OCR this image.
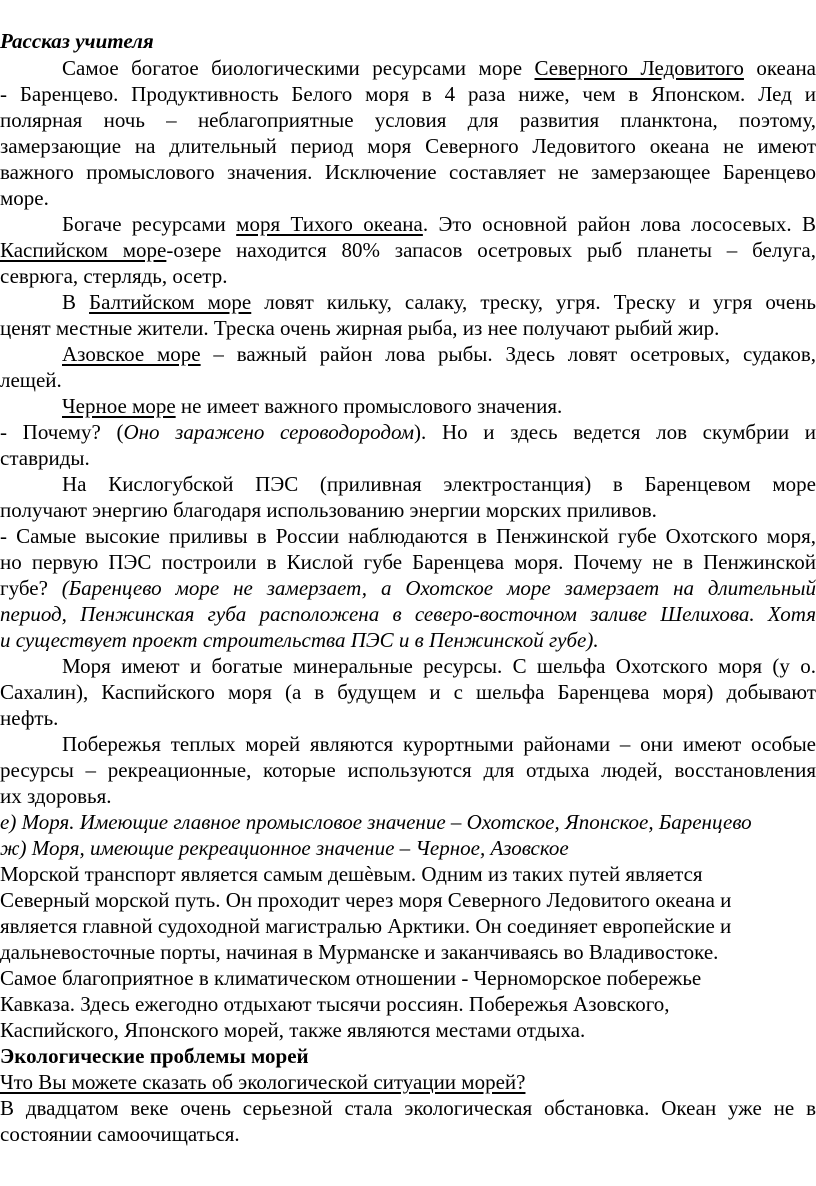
Рассказ учителя
Самое богатое биологическими ресурсами море Северного Ледовитого океана
- Баренцево. Продуктивность Белого моря в 4 раза ниже, чем в Японском. Лед и
полярная ночь – неблагоприятные условия для развития планктона, поэтому,
замерзающие на длительный период моря Северного Ледовитого океана не имеют
важного промыслового значения. Исключение составляет не замерзающее Баренцево
море.
Богаче ресурсами моря Тихого океана. Это основной район лова лососевых. В
Каспийском море-озере находится 80% запасов осетровых рыб планеты – белуга,
севрюга, стерлядь, осетр.
В Балтийском море ловят кильку, салаку, треску, угря. Треску и угря очень
ценят местные жители. Треска очень жирная рыба, из нее получают рыбий жир.
Азовское море – важный район лова рыбы. Здесь ловят осетровых, судаков,
лещей.
Черное море не имеет важного промыслового значения.
- Почему? (Оно заражено сероводородом). Но и здесь ведется лов скумбрии и
ставриды.
На Кислогубской ПЭС (приливная электростанция) в Баренцевом море
получают энергию благодаря использованию энергии морских приливов.
- Самые высокие приливы в России наблюдаются в Пенжинской губе Охотского моря,
но первую ПЭС построили в Кислой губе Баренцева моря. Почему не в Пенжинской
губе? (Баренцево море не замерзает, а Охотское море замерзает на длительный
период, Пенжинская губа расположена в северо-восточном заливе Шелихова. Хотя
и существует проект строительства ПЭС и в Пенжинской губе).
Моря имеют и богатые минеральные ресурсы. С шельфа Охотского моря (у о.
Сахалин), Каспийского моря (а в будущем и с шельфа Баренцева моря) добывают
нефть.
Побережья теплых морей являются курортными районами – они имеют особые
ресурсы – рекреационные, которые используются для отдыха людей, восстановления
их здоровья.
е) Моря. Имеющие главное промысловое значение – Охотское, Японское, Баренцево
ж) Моря, имеющие рекреационное значение – Черное, Азовское
Морской транспорт является самым дешѐвым. Одним из таких путей является
Северный морской путь. Он проходит через моря Северного Ледовитого океана и
является главной судоходной магистралью Арктики. Он соединяет европейские и
дальневосточные порты, начиная в Мурманске и заканчиваясь во Владивостоке.
Самое благоприятное в климатическом отношении - Черноморское побережье
Кавказа. Здесь ежегодно отдыхают тысячи россиян. Побережья Азовского,
Каспийского, Японского морей, также являются местами отдыха.
Экологические проблемы морей
Что Вы можете сказать об экологической ситуации морей?
В двадцатом веке очень серьезной стала экологическая обстановка. Океан уже не в
состоянии самоочищаться.
